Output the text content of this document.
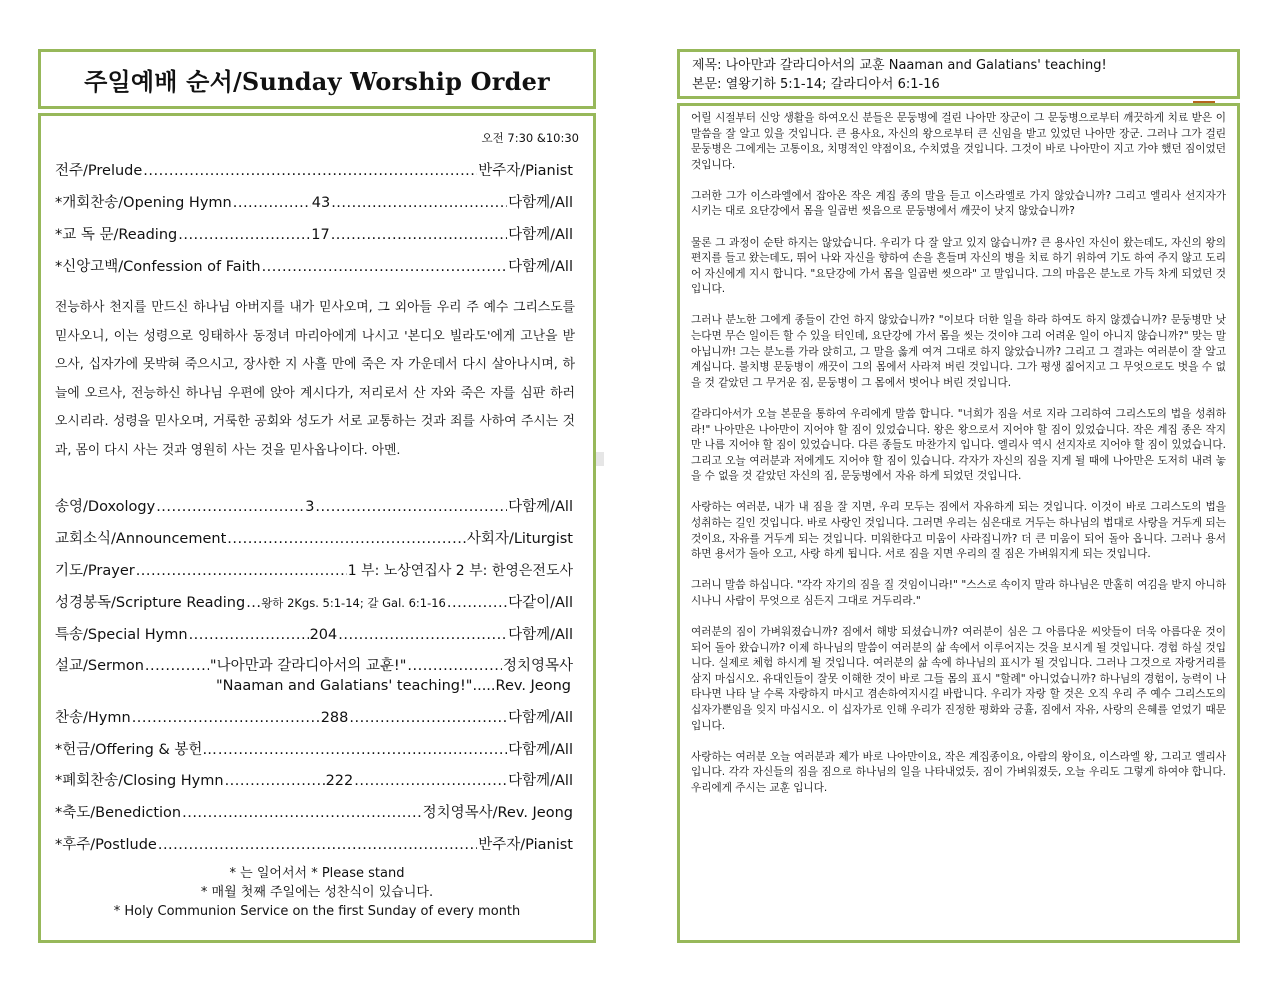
주일예배 순서/Sunday Worship Order
오전 7:30 &10:30
전주/Prelude .....	반주자/Pianist
*개회찬송/Opening Hymn .....	43 .....	다함께/All
*교 독 문/Reading .....	17 .....	다함께/All
*신앙고백/Confession of Faith .....	다함께/All

전능하사 천지를 만드신 하나님 아버지를 내가 믿사오며, 그 외아들 우리 주 예수 그리스도를 믿사오니, 이는 성령으로 잉태하사 동정녀 마리아에게 나시고 '본디오 빌라도'에게 고난을 받으사, 십자가에 못박혀 죽으시고, 장사한 지 사흘 만에 죽은 자 가운데서 다시 살아나시며, 하늘에 오르사, 전능하신 하나님 우편에 앉아 계시다가, 저리로서 산 자와 죽은 자를 심판 하러 오시리라. 성령을 믿사오며, 거룩한 공회와 성도가 서로 교통하는 것과 죄를 사하여 주시는 것과, 몸이 다시 사는 것과 영원히 사는 것을 믿사옵나이다. 아멘.

송영/Doxology .....	3 .....	다함께/All
교회소식/Announcement .....	사회자/Liturgist
기도/Prayer .....	1 부: 노상연집사 2 부: 한영은전도사
성경봉독/Scripture Reading ..... 왕하 2Kgs. 5:1-14; 갈 Gal. 6:1-16 .....	다같이/All
특송/Special Hymn .....	204 .....	다함께/All
설교/Sermon .....	"나아만과 갈라디아서의 교훈!" .....	정치영목사
"Naaman and Galatians' teaching!".....Rev. Jeong
찬송/Hymn .....	288 .....	다함께/All
*헌금/Offering & 봉헌… .....	다함께/All
*폐회찬송/Closing Hymn .....	222 .....	다함께/All
*축도/Benediction .....	정치영목사/Rev. Jeong
*후주/Postlude .....	반주자/Pianist
* 는 일어서서 * Please stand
* 매월 첫째 주일에는 성찬식이 있습니다.
* Holy Communion Service on the first Sunday of every month
제목: 나아만과 갈라디아서의 교훈 Naaman and Galatians' teaching!
본문: 열왕기하 5:1-14; 갈라디아서 6:1-16

어릴 시절부터 신앙 생활을 하여오신 분들은 문둥병에 걸린 나아만 장군이 그 문둥병으로부터 깨끗하게 치료 받은 이 말씀을 잘 알고 있을 것입니다. 큰 용사요, 자신의 왕으로부터 큰 신임을 받고 있었던 나아만 장군. 그러나 그가 걸린 문둥병은 그에게는 고통이요, 치명적인 약점이요, 수치였을 것입니다. 그것이 바로 나아만이 지고 가야 했던 짐이었던 것입니다.

그러한 그가 이스라엘에서 잡아온 작은 계집 종의 말을 듣고 이스라엘로 가지 않았습니까? 그리고 엘리사 선지자가 시키는 대로 요단강에서 몸을 일곱번 씻음으로 문둥병에서 깨끗이 낫지 않았습니까?

물론 그 과정이 순탄 하지는 않았습니다. 우리가 다 잘 알고 있지 않습니까? 큰 용사인 자신이 왔는데도, 자신의 왕의 편지를 들고 왔는데도, 뛰어 나와 자신을 향하여 손을 흔들며 자신의 병을 치료 하기 위하여 기도 하여 주지 않고 도리어 자신에게 지시 합니다. "요단강에 가서 몸을 일곱번 씻으라" 고 말입니다. 그의 마음은 분노로 가득 차게 되었던 것입니다.

그러나 분노한 그에게 종들이 간언 하지 않았습니까? "이보다 더한 일을 하라 하여도 하지 않겠습니까? 문둥병만 낫는다면 무슨 일이든 할 수 있을 터인데, 요단강에 가서 몸을 씻는 것이야 그리 어려운 일이 아니지 않습니까?" 맞는 말 아닙니까! 그는 분노를 가라 앉히고, 그 말을 옳게 여겨 그대로 하지 않았습니까? 그리고 그 결과는 여러분이 잘 알고 계십니다. 불치병 문둥병이 깨끗이 그의 몸에서 사라져 버린 것입니다. 그가 평생 짊어지고 그 무엇으로도 벗을 수 없을 것 같았던 그 무거운 짐, 문둥병이 그 몸에서 벗어나 버린 것입니다.

갈라디아서가 오늘 본문을 통하여 우리에게 말씀 합니다. "너희가 짐을 서로 지라 그리하여 그리스도의 법을 성취하라!" 나아만은 나아만이 지어야 할 짐이 있었습니다. 왕은 왕으로서 지어야 할 짐이 있었습니다. 작은 계집 종은 작지만 나름 지어야 할 짐이 있었습니다. 다른 종들도 마찬가지 입니다. 엘리사 역시 선지자로 지어야 할 짐이 있었습니다. 그리고 오늘 여러분과 저에게도 지어야 할 짐이 있습니다. 각자가 자신의 짐을 지게 될 때에 나아만은 도저히 내려 놓을 수 없을 것 같았던 자신의 짐, 문둥병에서 자유 하게 되었던 것입니다.

사랑하는 여러분, 내가 내 짐을 잘 지면, 우리 모두는 짐에서 자유하게 되는 것입니다. 이것이 바로 그리스도의 법을 성취하는 길인 것입니다. 바로 사랑인 것입니다. 그러면 우리는 심은대로 거두는 하나님의 법대로 사랑을 거두게 되는 것이요, 자유를 거두게 되는 것입니다. 미워한다고 미움이 사라집니까? 더 큰 미움이 되어 돌아 옵니다. 그러나 용서 하면 용서가 돌아 오고, 사랑 하게 됩니다. 서로 짐을 지면 우리의 질 짐은 가벼워지게 되는 것입니다.

그러니 말씀 하십니다. "각각 자기의 짐을 질 것임이니라!" "스스로 속이지 말라 하나님은 만홀히 여김을 받지 아니하시나니 사람이 무엇으로 심든지 그대로 거두리라."

여러분의 짐이 가벼워졌습니까? 짐에서 해방 되셨습니까? 여러분이 심은 그 아름다운 씨앗들이 더욱 아름다운 것이 되어 돌아 왔습니까? 이제 하나님의 말씀이 여러분의 삶 속에서 이루어지는 것을 보시게 될 것입니다. 경험 하실 것입니다. 실제로 체험 하시게 될 것입니다. 여러분의 삶 속에 하나님의 표시가 될 것입니다. 그러나 그것으로 자랑거리를 삼지 마십시오. 유대인들이 잘못 이해한 것이 바로 그들 몸의 표시 "할례" 아니었습니까? 하나님의 경험이, 능력이 나타나면 나타 날 수록 자랑하지 마시고 겸손하여지시길 바랍니다. 우리가 자랑 할 것은 오직 우리 주 예수 그리스도의 십자가뿐임을 잊지 마십시오. 이 십자가로 인해 우리가 진정한 평화와 긍휼, 짐에서 자유, 사랑의 은혜를 얻었기 때문입니다.

사랑하는 여러분 오늘 여러분과 제가 바로 나아만이요, 작은 계집종이요, 아람의 왕이요, 이스라엘 왕, 그리고 엘리사 입니다. 각각 자신들의 짐을 짐으로 하나님의 일을 나타내었듯, 짐이 가벼워졌듯, 오늘 우리도 그렇게 하여야 합니다. 우리에게 주시는 교훈 입니다.
